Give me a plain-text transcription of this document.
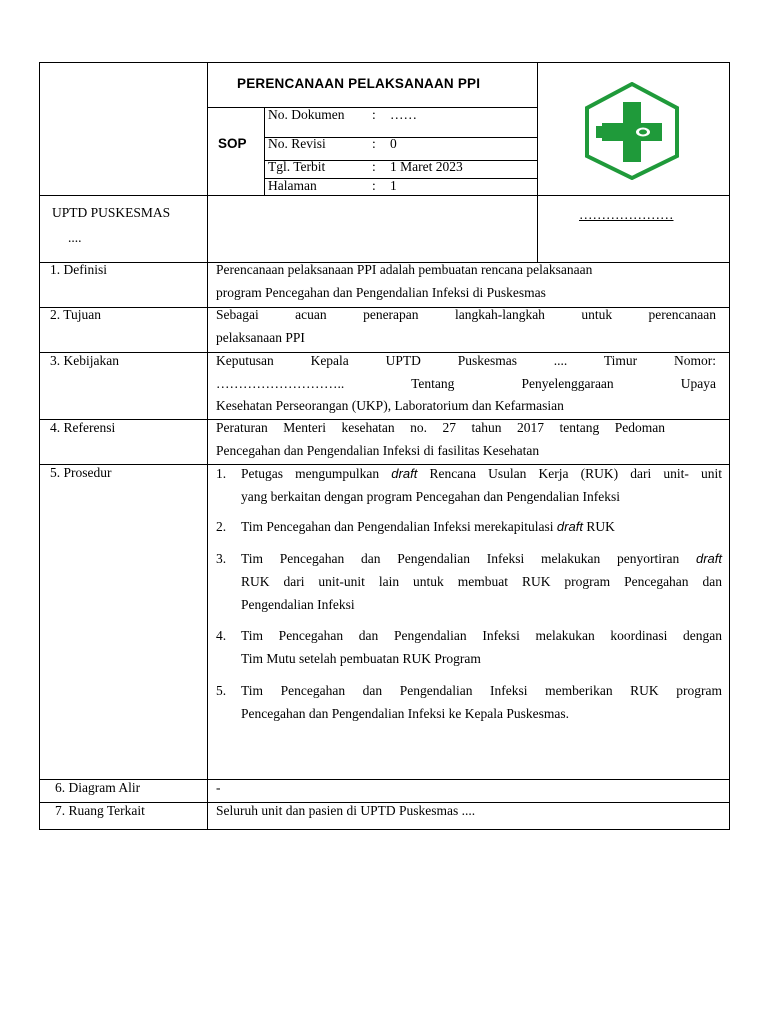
PERENCANAAN PELAKSANAAN PPI
SOP
No. Dokumen : ……
No. Revisi	: 0
Tgl. Terbit	: 1 Maret 2023
Halaman	: 1
UPTD PUSKESMAS
....
…………………
1. Definisi	Perencanaan pelaksanaan PPI adalah pembuatan rencana pelaksanaan
program Pencegahan dan Pengendalian Infeksi di Puskesmas
2. Tujuan	Sebagai acuan penerapan langkah-langkah untuk perencanaan
pelaksanaan PPI
3. Kebijakan	Keputusan Kepala UPTD Puskesmas .... Timur Nomor:
……………………….. Tentang Penyelenggaraan Upaya
Kesehatan Perseorangan (UKP), Laboratorium dan Kefarmasian
4. Referensi	Peraturan Menteri kesehatan no. 27 tahun 2017 tentang Pedoman
Pencegahan dan Pengendalian Infeksi di fasilitas Kesehatan
5. Prosedur	1. Petugas mengumpulkan draft Rencana Usulan Kerja (RUK) dari unit- unit
yang berkaitan dengan program Pencegahan dan Pengendalian Infeksi
2. Tim Pencegahan dan Pengendalian Infeksi merekapitulasi draft RUK
3. Tim Pencegahan dan Pengendalian Infeksi melakukan penyortiran draft
RUK dari unit-unit lain untuk membuat RUK program Pencegahan dan
Pengendalian Infeksi
4. Tim Pencegahan dan Pengendalian Infeksi melakukan koordinasi dengan
Tim Mutu setelah pembuatan RUK Program
5. Tim Pencegahan dan Pengendalian Infeksi memberikan RUK program
Pencegahan dan Pengendalian Infeksi ke Kepala Puskesmas.
6. Diagram Alir	-
7. Ruang Terkait	Seluruh unit dan pasien di UPTD Puskesmas ....
